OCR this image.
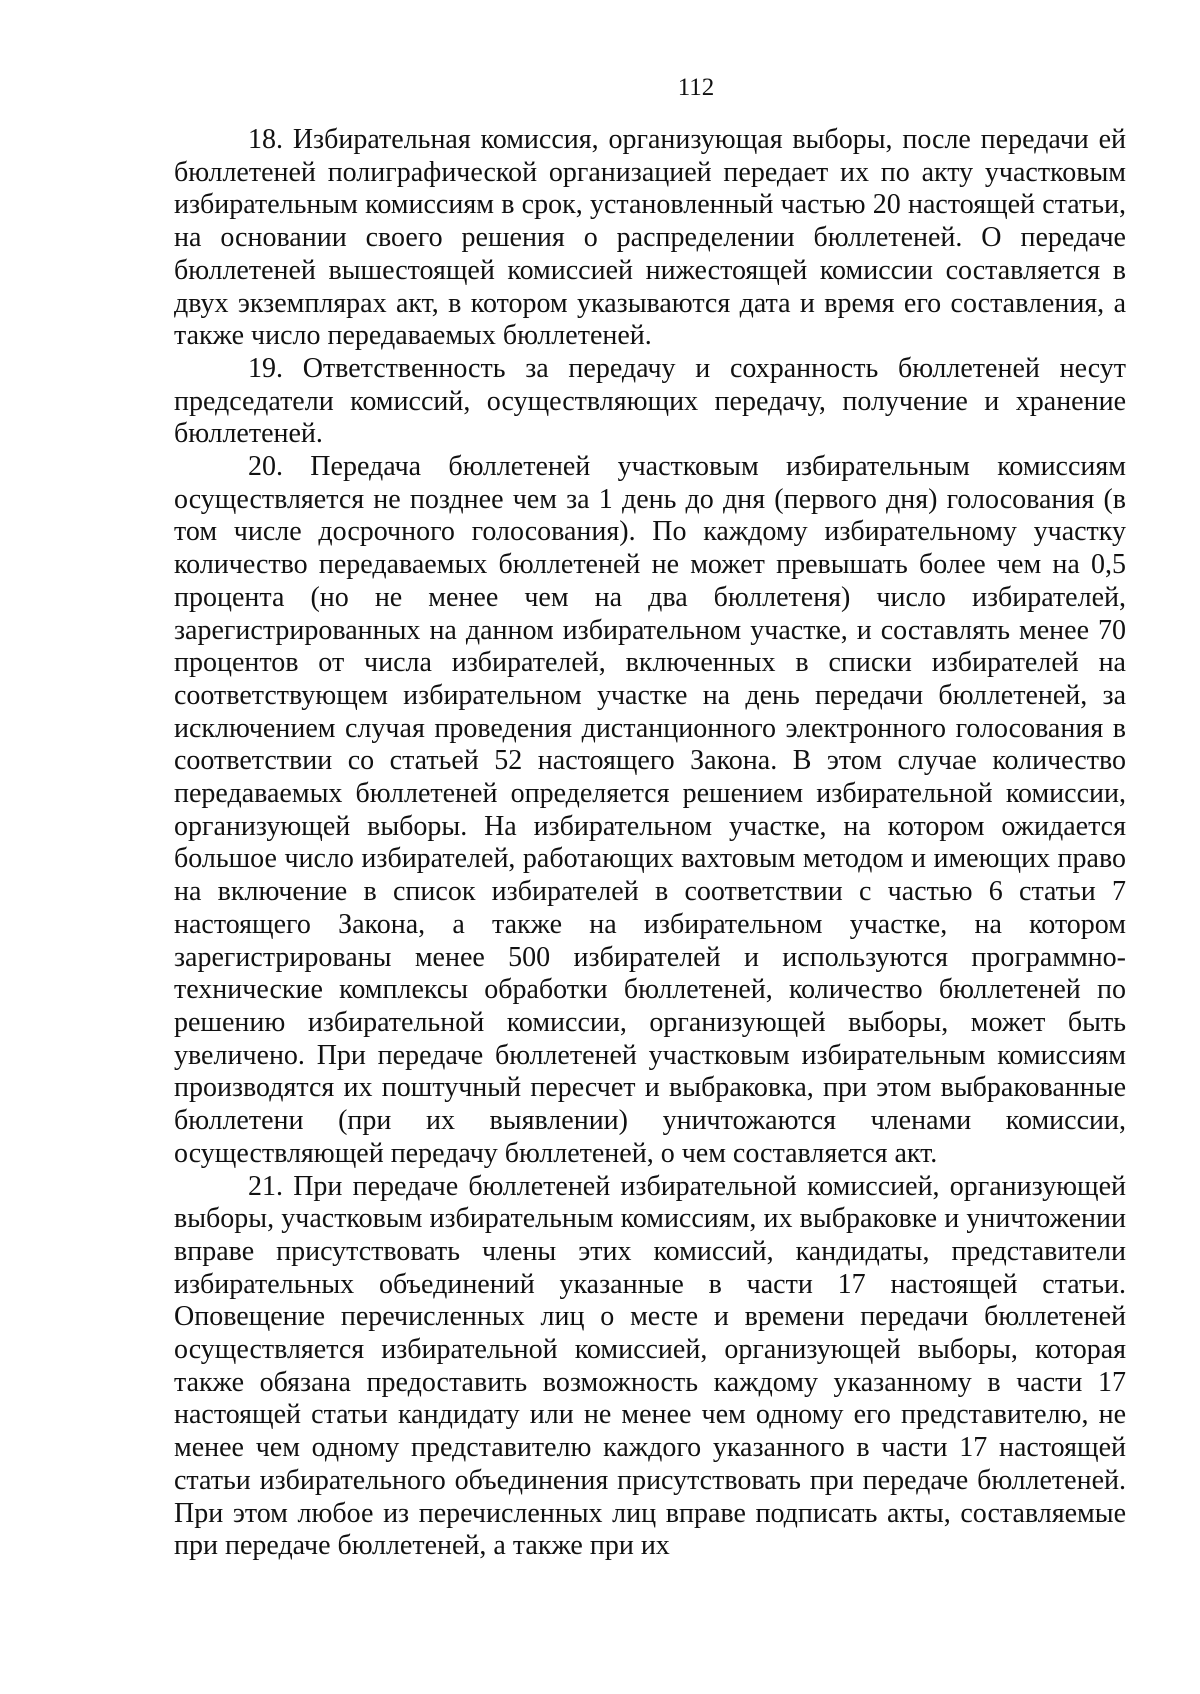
112

18. Избирательная комиссия, организующая выборы, после передачи ей бюллетеней полиграфической организацией передает их по акту участковым избирательным комиссиям в срок, установленный частью 20 настоящей статьи, на основании своего решения о распределении бюллетеней. О передаче бюллетеней вышестоящей комиссией нижестоящей комиссии составляется в двух экземплярах акт, в котором указываются дата и время его составления, а также число передаваемых бюллетеней.

19. Ответственность за передачу и сохранность бюллетеней несут председатели комиссий, осуществляющих передачу, получение и хранение бюллетеней.

20. Передача бюллетеней участковым избирательным комиссиям осуществляется не позднее чем за 1 день до дня (первого дня) голосования (в том числе досрочного голосования). По каждому избирательному участку количество передаваемых бюллетеней не может превышать более чем на 0,5 процента (но не менее чем на два бюллетеня) число избирателей, зарегистрированных на данном избирательном участке, и составлять менее 70 процентов от числа избирателей, включенных в списки избирателей на соответствующем избирательном участке на день передачи бюллетеней, за исключением случая проведения дистанционного электронного голосования в соответствии со статьей 52 настоящего Закона. В этом случае количество передаваемых бюллетеней определяется решением избирательной комиссии, организующей выборы. На избирательном участке, на котором ожидается большое число избирателей, работающих вахтовым методом и имеющих право на включение в список избирателей в соответствии с частью 6 статьи 7 настоящего Закона, а также на избирательном участке, на котором зарегистрированы менее 500 избирателей и используются программно-технические комплексы обработки бюллетеней, количество бюллетеней по решению избирательной комиссии, организующей выборы, может быть увеличено. При передаче бюллетеней участковым избирательным комиссиям производятся их поштучный пересчет и выбраковка, при этом выбракованные бюллетени (при их выявлении) уничтожаются членами комиссии, осуществляющей передачу бюллетеней, о чем составляется акт.

21. При передаче бюллетеней избирательной комиссией, организующей выборы, участковым избирательным комиссиям, их выбраковке и уничтожении вправе присутствовать члены этих комиссий, кандидаты, представители избирательных объединений указанные в части 17 настоящей статьи. Оповещение перечисленных лиц о месте и времени передачи бюллетеней осуществляется избирательной комиссией, организующей выборы, которая также обязана предоставить возможность каждому указанному в части 17 настоящей статьи кандидату или не менее чем одному его представителю, не менее чем одному представителю каждого указанного в части 17 настоящей статьи избирательного объединения присутствовать при передаче бюллетеней. При этом любое из перечисленных лиц вправе подписать акты, составляемые при передаче бюллетеней, а также при их
